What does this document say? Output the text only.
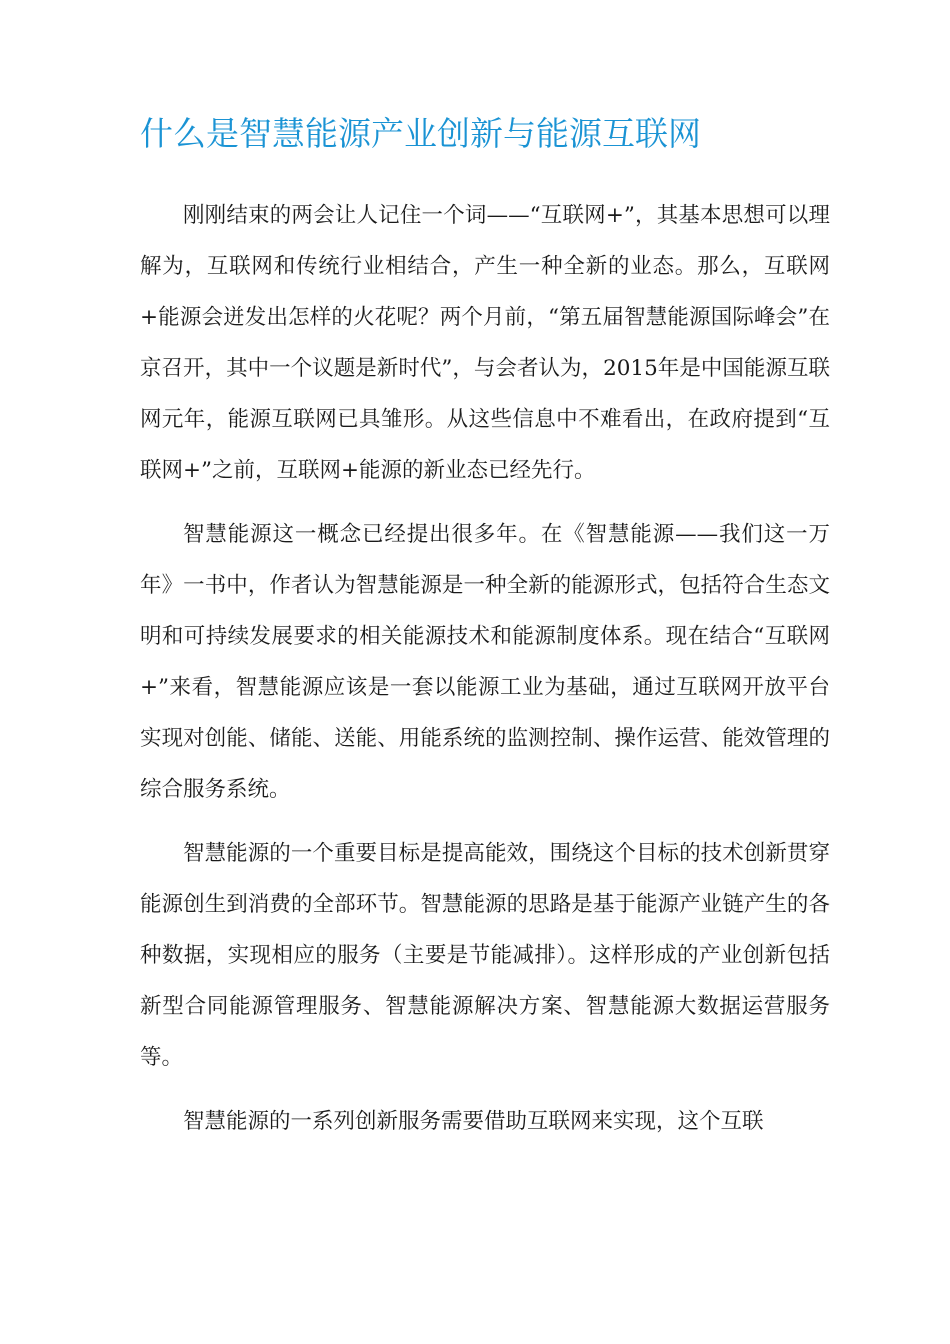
什么是智慧能源产业创新与能源互联网

刚刚结束的两会让人记住一个词——“互联网+”，其基本思想可以理解为，互联网和传统行业相结合，产生一种全新的业态。那么，互联网+能源会迸发出怎样的火花呢？两个月前，“第五届智慧能源国际峰会”在京召开，其中一个议题是新时代”，与会者认为，2015年是中国能源互联网元年，能源互联网已具雏形。从这些信息中不难看出，在政府提到“互联网+”之前，互联网+能源的新业态已经先行。

智慧能源这一概念已经提出很多年。在《智慧能源——我们这一万年》一书中，作者认为智慧能源是一种全新的能源形式，包括符合生态文明和可持续发展要求的相关能源技术和能源制度体系。现在结合“互联网+”来看，智慧能源应该是一套以能源工业为基础，通过互联网开放平台实现对创能、储能、送能、用能系统的监测控制、操作运营、能效管理的综合服务系统。

智慧能源的一个重要目标是提高能效，围绕这个目标的技术创新贯穿能源创生到消费的全部环节。智慧能源的思路是基于能源产业链产生的各种数据，实现相应的服务（主要是节能减排）。这样形成的产业创新包括新型合同能源管理服务、智慧能源解决方案、智慧能源大数据运营服务等。

智慧能源的一系列创新服务需要借助互联网来实现，这个互联
